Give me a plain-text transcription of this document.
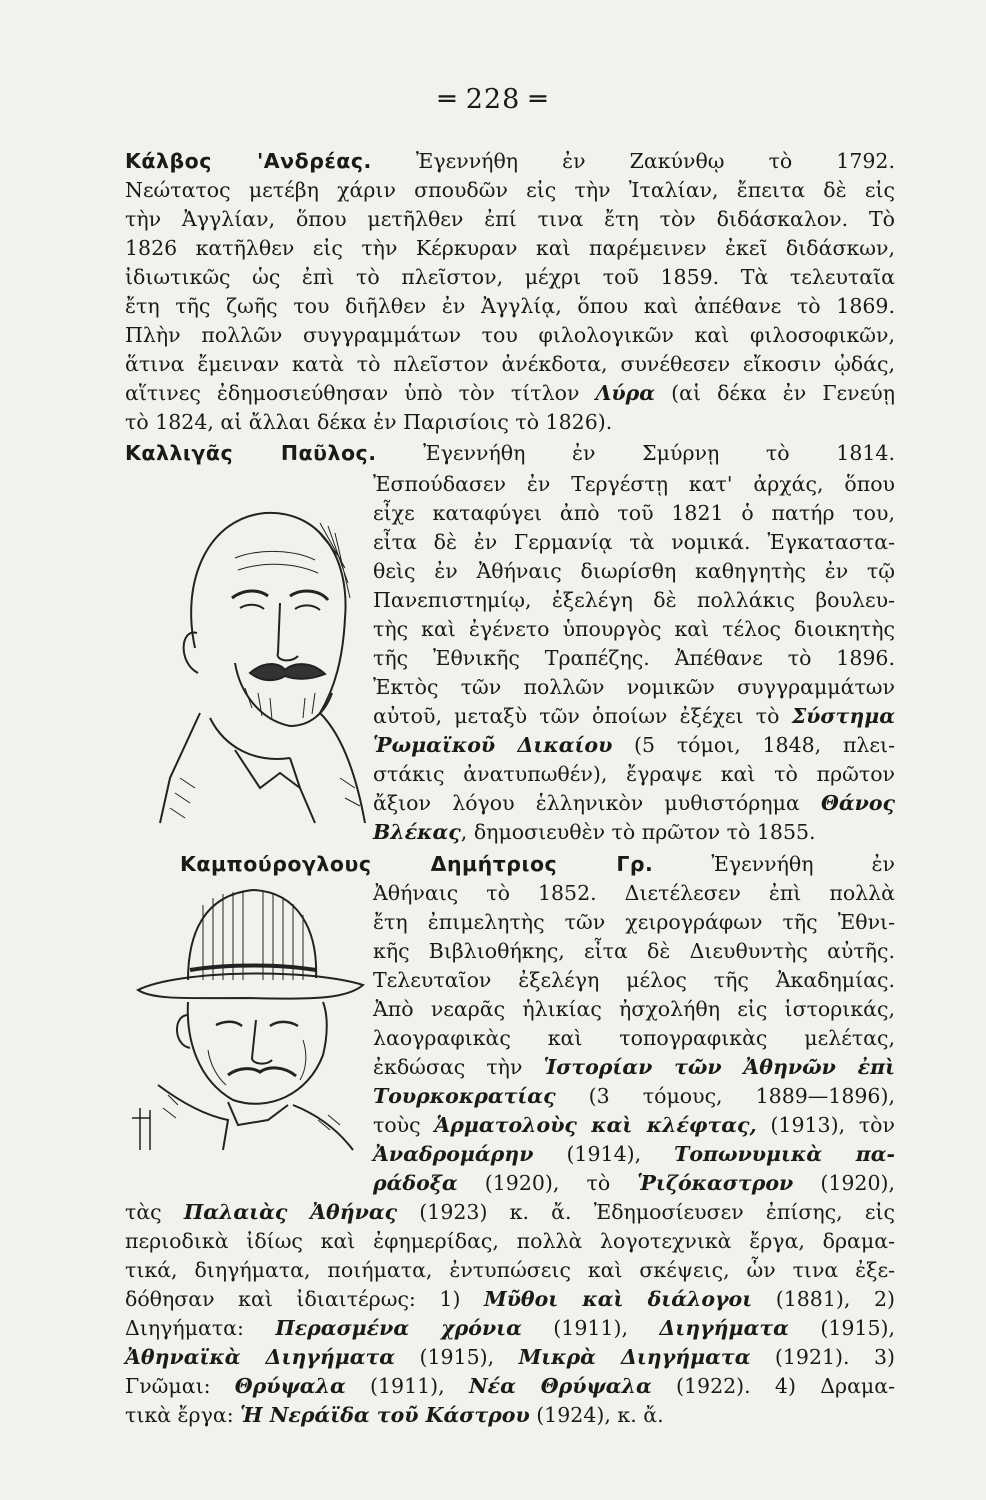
═ 228 ═
Κάλβος 'Ανδρέας. Ἐγεννήθη ἐν Ζακύνθῳ τὸ 1792.
Νεώτατος μετέβη χάριν σπουδῶν εἰς τὴν Ἰταλίαν, ἔπειτα δὲ εἰς
τὴν Ἀγγλίαν, ὅπου μετῆλθεν ἐπί τινα ἔτη τὸν διδάσκαλον. Τὸ
1826 κατῆλθεν εἰς τὴν Κέρκυραν καὶ παρέμεινεν ἐκεῖ διδάσκων,
ἰδιωτικῶς ὡς ἐπὶ τὸ πλεῖστον, μέχρι τοῦ 1859. Τὰ τελευταῖα
ἔτη τῆς ζωῆς του διῆλθεν ἐν Ἀγγλίᾳ, ὅπου καὶ ἀπέθανε τὸ 1869.
Πλὴν πολλῶν συγγραμμάτων του φιλολογικῶν καὶ φιλοσοφικῶν,
ἅτινα ἔμειναν κατὰ τὸ πλεῖστον ἀνέκδοτα, συνέθεσεν εἴκοσιν ᾠδάς,
αἵτινες ἐδημοσιεύθησαν ὑπὸ τὸν τίτλον Λύρα (αἱ δέκα ἐν Γενεύῃ
τὸ 1824, αἱ ἄλλαι δέκα ἐν Παρισίοις τὸ 1826).
Καλλιγᾶς Παῦλος. Ἐγεννήθη ἐν Σμύρνῃ τὸ 1814.
Ἐσπούδασεν ἐν Τεργέστῃ κατ' ἀρχάς, ὅπου
εἶχε καταφύγει ἀπὸ τοῦ 1821 ὁ πατήρ του,
εἶτα δὲ ἐν Γερμανίᾳ τὰ νομικά. Ἐγκαταστα-
θεὶς ἐν Ἀθήναις διωρίσθη καθηγητὴς ἐν τῷ
Πανεπιστημίῳ, ἐξελέγη δὲ πολλάκις βουλευ-
τὴς καὶ ἐγένετο ὑπουργὸς καὶ τέλος διοικητὴς
τῆς Ἐθνικῆς Τραπέζης. Ἀπέθανε τὸ 1896.
Ἐκτὸς τῶν πολλῶν νομικῶν συγγραμμάτων
αὐτοῦ, μεταξὺ τῶν ὁποίων ἐξέχει τὸ Σύστημα
Ῥωμαϊκοῦ Δικαίου (5 τόμοι, 1848, πλει-
στάκις ἀνατυπωθέν), ἔγραψε καὶ τὸ πρῶτον
ἄξιον λόγου ἑλληνικὸν μυθιστόρημα Θάνος
Βλέκας, δημοσιευθὲν τὸ πρῶτον τὸ 1855.
Καμπούρογλους Δημήτριος Γρ.	Ἐγεννήθη ἐν
Ἀθήναις τὸ 1852. Διετέλεσεν ἐπὶ πολλὰ
ἔτη ἐπιμελητὴς τῶν χειρογράφων τῆς Ἐθνι-
κῆς Βιβλιοθήκης, εἶτα δὲ Διευθυντὴς αὐτῆς.
Τελευταῖον ἐξελέγη μέλος τῆς Ἀκαδημίας.
Ἀπὸ νεαρᾶς ἡλικίας ἠσχολήθη εἰς ἱστορικάς,
λαογραφικὰς καὶ τοπογραφικὰς μελέτας,
ἐκδώσας τὴν Ἱστορίαν τῶν Ἀθηνῶν ἐπὶ
Τουρκοκρατίας (3 τόμους, 1889—1896),
τοὺς Ἁρματολοὺς καὶ κλέφτας, (1913), τὸν
Ἀναδρομάρην (1914), Τοπωνυμικὰ πα-
ράδοξα (1920), τὸ Ῥιζόκαστρον (1920),
τὰς Παλαιὰς Ἀθήνας (1923) κ. ἄ. Ἐδημοσίευσεν ἐπίσης, εἰς
περιοδικὰ ἰδίως καὶ ἐφημερίδας, πολλὰ λογοτεχνικὰ ἔργα, δραμα-
τικά, διηγήματα, ποιήματα, ἐντυπώσεις καὶ σκέψεις, ὧν τινα ἐξε-
δόθησαν καὶ ἰδιαιτέρως: 1) Μῦθοι καὶ διάλογοι (1881), 2)
Διηγήματα: Περασμένα χρόνια (1911), Διηγήματα (1915),
Ἀθηναϊκὰ Διηγήματα (1915), Μικρὰ Διηγήματα (1921). 3)
Γνῶμαι: Θρύψαλα (1911), Νέα Θρύψαλα (1922). 4) Δραμα-
τικὰ ἔργα: Ἡ Νεράϊδα τοῦ Κάστρου (1924), κ. ἄ.
